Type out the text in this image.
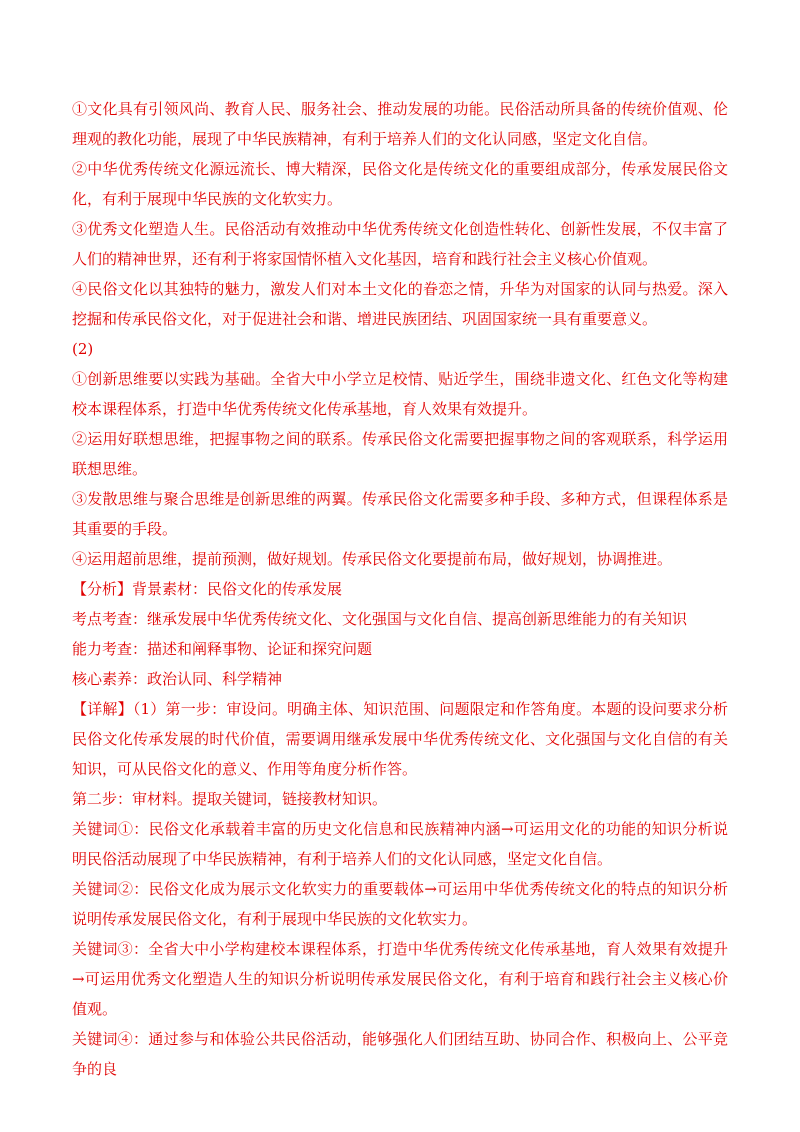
①文化具有引领风尚、教育人民、服务社会、推动发展的功能。民俗活动所具备的传统价值观、伦理观的教化功能，展现了中华民族精神，有利于培养人们的文化认同感，坚定文化自信。

②中华优秀传统文化源远流长、博大精深，民俗文化是传统文化的重要组成部分，传承发展民俗文化，有利于展现中华民族的文化软实力。

③优秀文化塑造人生。民俗活动有效推动中华优秀传统文化创造性转化、创新性发展，不仅丰富了人们的精神世界，还有利于将家国情怀植入文化基因，培育和践行社会主义核心价值观。

④民俗文化以其独特的魅力，激发人们对本土文化的眷恋之情，升华为对国家的认同与热爱。深入挖掘和传承民俗文化，对于促进社会和谐、增进民族团结、巩固国家统一具有重要意义。

(2)

①创新思维要以实践为基础。全省大中小学立足校情、贴近学生，围绕非遗文化、红色文化等构建校本课程体系，打造中华优秀传统文化传承基地，育人效果有效提升。

②运用好联想思维，把握事物之间的联系。传承民俗文化需要把握事物之间的客观联系，科学运用联想思维。

③发散思维与聚合思维是创新思维的两翼。传承民俗文化需要多种手段、多种方式，但课程体系是其重要的手段。

④运用超前思维，提前预测，做好规划。传承民俗文化要提前布局，做好规划，协调推进。

【分析】背景素材：民俗文化的传承发展

考点考查：继承发展中华优秀传统文化、文化强国与文化自信、提高创新思维能力的有关知识

能力考查：描述和阐释事物、论证和探究问题

核心素养：政治认同、科学精神

【详解】（1）第一步：审设问。明确主体、知识范围、问题限定和作答角度。本题的设问要求分析民俗文化传承发展的时代价值，需要调用继承发展中华优秀传统文化、文化强国与文化自信的有关知识，可从民俗文化的意义、作用等角度分析作答。

第二步：审材料。提取关键词，链接教材知识。

关键词①：民俗文化承载着丰富的历史文化信息和民族精神内涵→可运用文化的功能的知识分析说明民俗活动展现了中华民族精神，有利于培养人们的文化认同感，坚定文化自信。

关键词②：民俗文化成为展示文化软实力的重要载体→可运用中华优秀传统文化的特点的知识分析说明传承发展民俗文化，有利于展现中华民族的文化软实力。

关键词③：全省大中小学构建校本课程体系，打造中华优秀传统文化传承基地，育人效果有效提升→可运用优秀文化塑造人生的知识分析说明传承发展民俗文化，有利于培育和践行社会主义核心价值观。

关键词④：通过参与和体验公共民俗活动，能够强化人们团结互助、协同合作、积极向上、公平竞争的良
